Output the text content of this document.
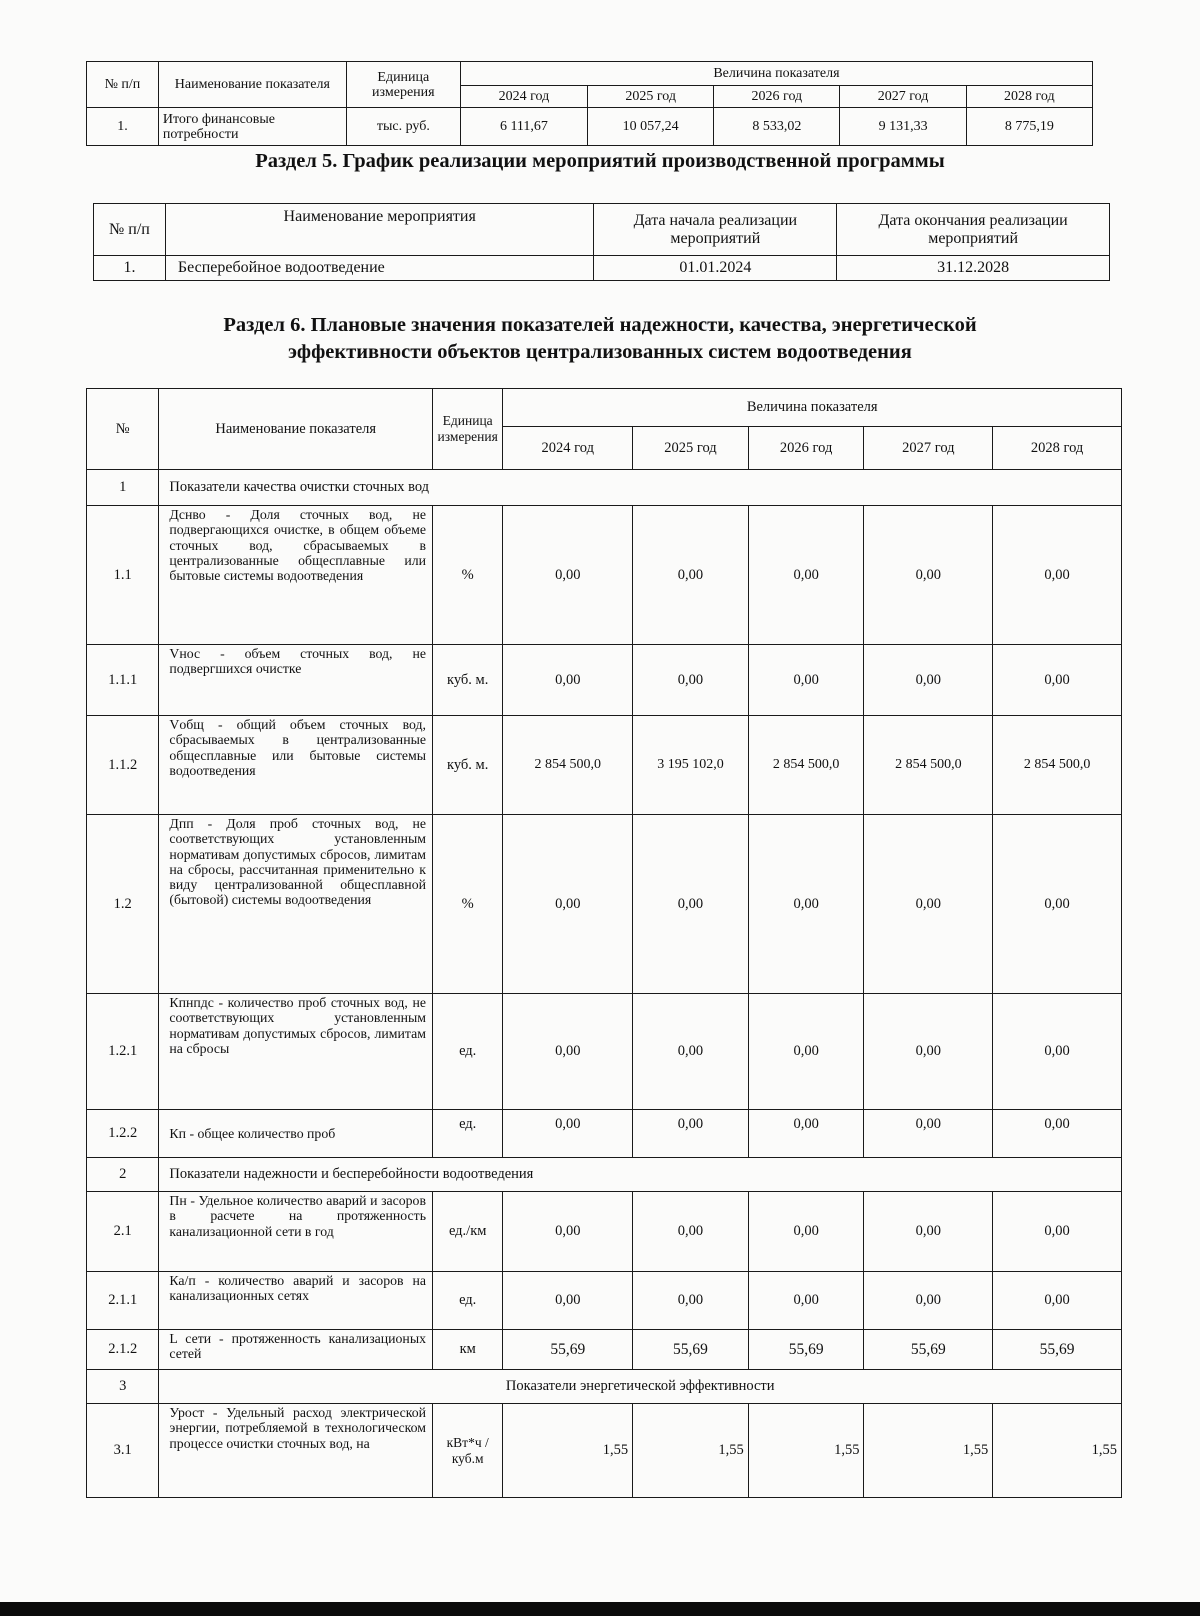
№ п/п	Наименование показателя	Единица измерения	Величина показателя				
			2024 год	2025 год	2026 год	2027 год	2028 год
1.	Итого финансовые потребности	тыс. руб.	6 111,67	10 057,24	8 533,02	9 131,33	8 775,19
Раздел 5. График реализации мероприятий производственной программы
№ п/п	Наименование мероприятия	Дата начала реализации мероприятий	Дата окончания реализации мероприятий
1.	Бесперебойное водоотведение	01.01.2024	31.12.2028
Раздел 6. Плановые значения показателей надежности, качества, энергетической
эффективности объектов централизованных систем водоотведения
№	Наименование показателя	Единица измерения	Величина показателя				
			2024 год	2025 год	2026 год	2027 год	2028 год
1	Показатели качества очистки сточных вод						
1.1	Дснво - Доля сточных вод, не подвергающихся очистке, в общем объеме сточных вод, сбрасываемых в централизованные общесплавные или бытовые системы водоотведения	%	0,00	0,00	0,00	0,00	0,00
1.1.1	Vнос - объем сточных вод, не подвергшихся очистке	куб. м.	0,00	0,00	0,00	0,00	0,00
1.1.2	Vобщ - общий объем сточных вод, сбрасываемых в централизованные общесплавные или бытовые системы водоотведения	куб. м.	2 854 500,0	3 195 102,0	2 854 500,0	2 854 500,0	2 854 500,0
1.2	Дпп - Доля проб сточных вод, не соответствующих установленным нормативам допустимых сбросов, лимитам на сбросы, рассчитанная применительно к виду централизованной общесплавной (бытовой) системы водоотведения	%	0,00	0,00	0,00	0,00	0,00
1.2.1	Кпнпдс - количество проб сточных вод, не соответствующих установленным нормативам допустимых сбросов, лимитам на сбросы	ед.	0,00	0,00	0,00	0,00	0,00
1.2.2	Кп - общее количество проб	ед.	0,00	0,00	0,00	0,00	0,00
2	Показатели надежности и бесперебойности водоотведения						
2.1	Пн - Удельное количество аварий и засоров в расчете на протяженность канализационной сети в год	ед./км	0,00	0,00	0,00	0,00	0,00
2.1.1	Ка/п - количество аварий и засоров на канализационных сетях	ед.	0,00	0,00	0,00	0,00	0,00
2.1.2	L сети - протяженность канализационых сетей	км	55,69	55,69	55,69	55,69	55,69
3	Показатели энергетической эффективности						
3.1	Урост - Удельный расход электрической энергии, потребляемой в технологическом процессе очистки сточных вод, на	кВт*ч / куб.м	1,55	1,55	1,55	1,55	1,55
